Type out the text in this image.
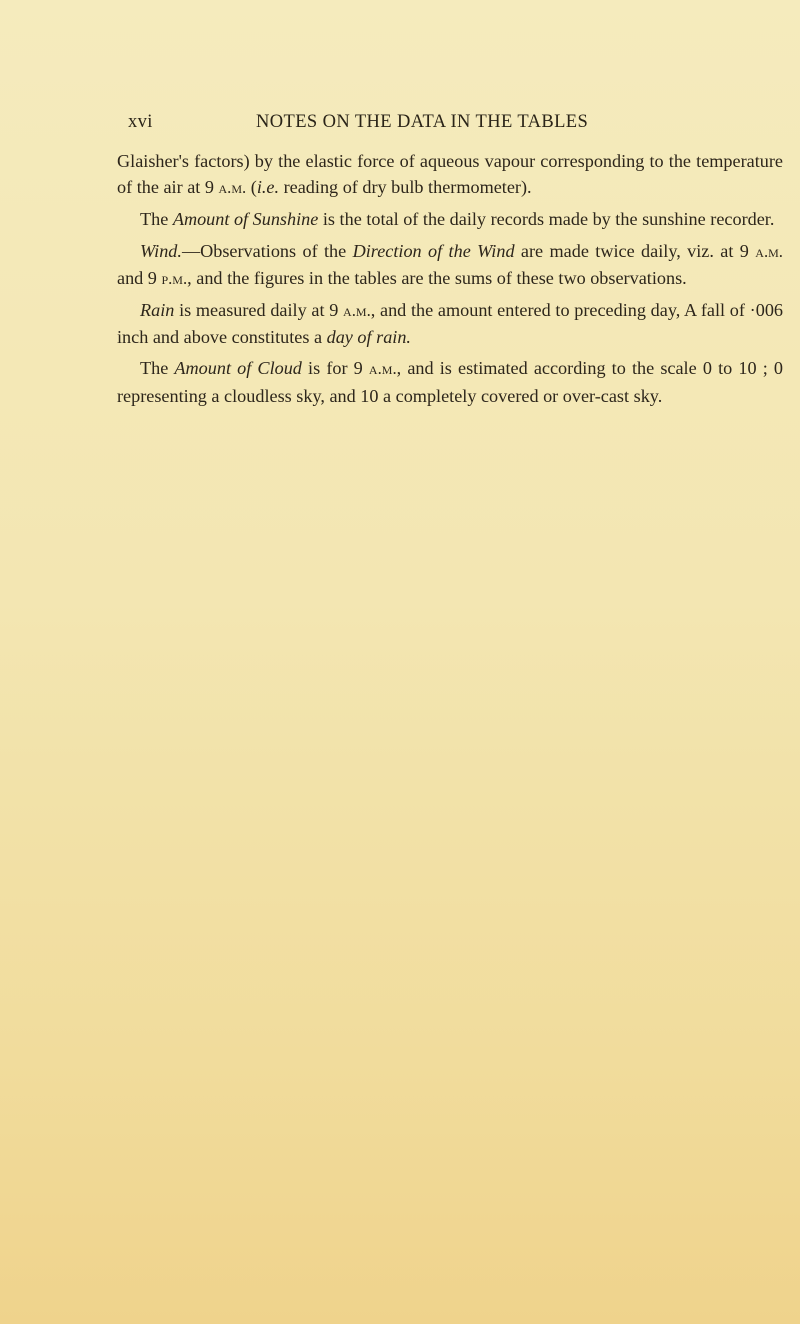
xvi	NOTES ON THE DATA IN THE TABLES

Glaisher's factors) by the elastic force of aqueous vapour corresponding to the temperature of the air at 9 a.m. (i.e. reading of dry bulb thermometer).

The Amount of Sunshine is the total of the daily records made by the sunshine recorder.

Wind.—Observations of the Direction of the Wind are made twice daily, viz. at 9 a.m. and 9 p.m., and the figures in the tables are the sums of these two observations.

Rain is measured daily at 9 a.m., and the amount entered to preceding day, A fall of ·006 inch and above constitutes a day of rain.

The Amount of Cloud is for 9 a.m., and is estimated according to the scale 0 to 10 ; 0 representing a cloudless sky, and 10 a completely covered or over-cast sky.
